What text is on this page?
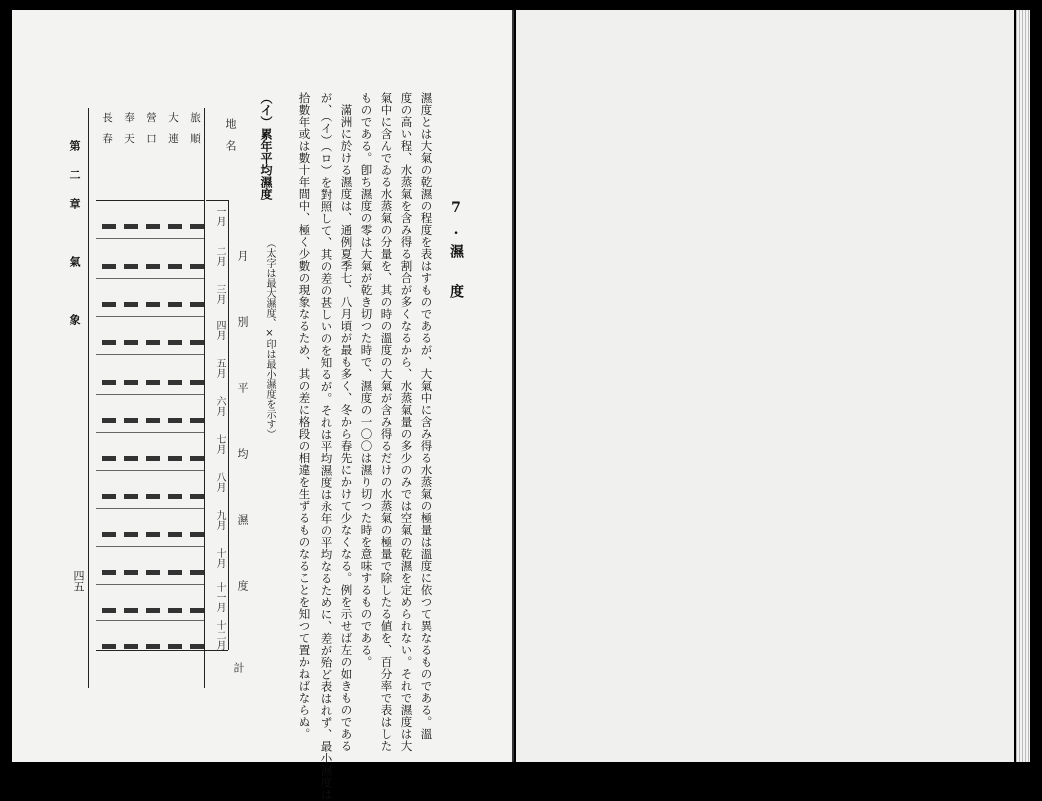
7.濕　度
濕度とは大氣の乾濕の程度を表はすものであるが、大氣中に含み得る水蒸氣の極量は溫度に依つて異なるものである。溫
度の高い程、水蒸氣を含み得る割合が多くなるから、水蒸氣量の多少のみでは空氣の乾濕を定められない。それで濕度は大
氣中に含んでゐる水蒸氣の分量を、其の時の溫度の大氣が含み得るだけの水蒸氣の極量で除したる値を、百分率で表はした
ものである。卽ち濕度の零は大氣が乾き切つた時で、濕度の一〇〇は濕り切つた時を意味するものである。
滿洲に於ける濕度は、通例夏季七、八月頃が最も多く、冬から春先にかけて少なくなる。例を示せば左の如きものである
が、（イ）（ロ）を對照して、其の差の甚しいのを知るが。それは平均濕度は永年の平均なるために、差が殆ど表はれず、最小濕度は
拾數年或は數十年間中、極く少數の現象なるため、其の差に格段の相違を生ずるものなることを知つて置かねばならぬ。
（イ）累年平均濕度
（太字は最大濕度、×印は最小濕度を示す）
地　名
月　別　平　均　濕　度
計
旅　順
大　連
營　口
奉　天
長　春
一月
二月
三月
四月
五月
六月
七月
八月
九月
十月
十一月
十二月
第二章　氣　象
四五
